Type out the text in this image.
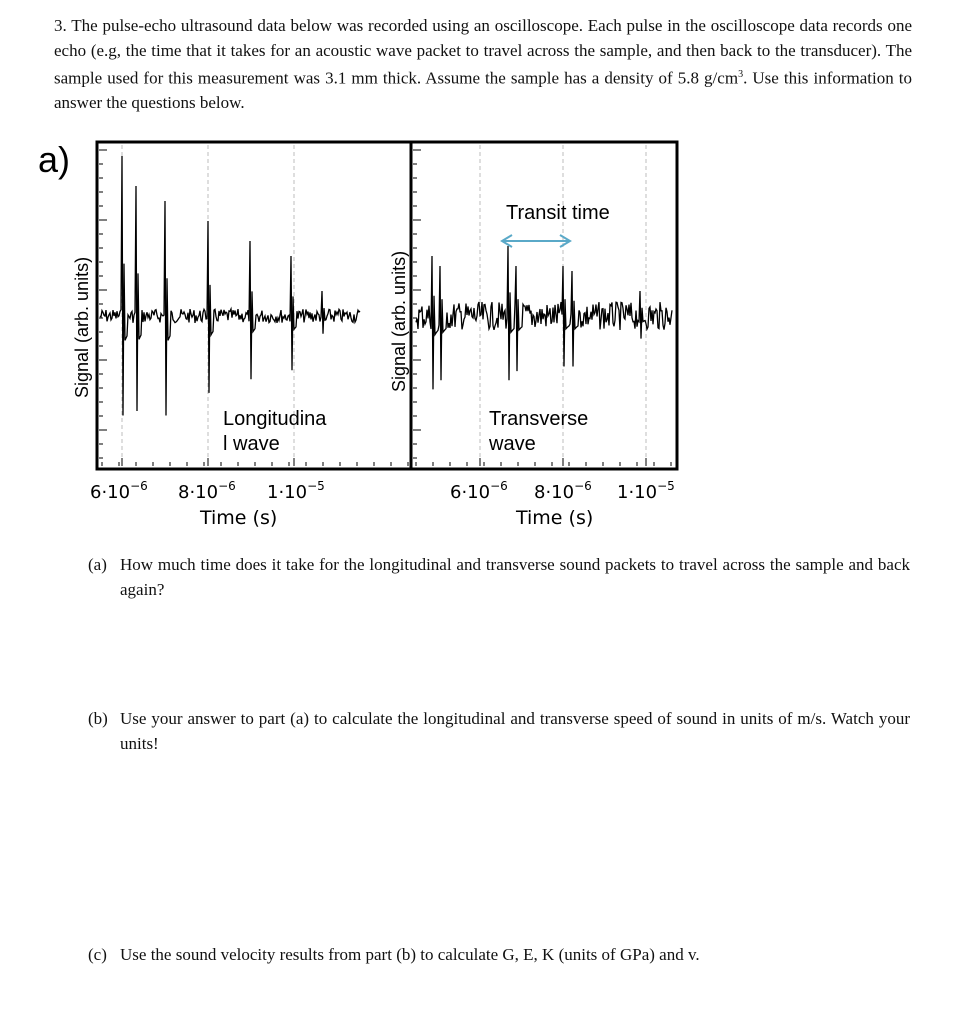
3. The pulse-echo ultrasound data below was recorded using an oscilloscope. Each pulse in the oscilloscope data records one echo (e.g, the time that it takes for an acoustic wave packet to travel across the sample, and then back to the transducer). The sample used for this measurement was 3.1 mm thick. Assume the sample has a density of 5.8 $g/cm^3$. Use this information to answer the questions below.
a)
Signal (arb. units)	Signal (arb. units)
Longitudina
l wave
Transverse
wave
Transit time
$6\cdot 10^{-6}$ $8\cdot 10^{-6}$ $1\cdot 10^{-5}$	$6\cdot 10^{-6}$ $8\cdot 10^{-6}$ $1\cdot 10^{-5}$
Time (s)	Time (s)
(a) How much time does it take for the longitudinal and transverse sound packets to travel across the sample and back again?
(b) Use your answer to part (a) to calculate the longitudinal and transverse speed of sound in units of m/s. Watch your units!
(c) Use the sound velocity results from part (b) to calculate G, E, K (units of GPa) and v.
